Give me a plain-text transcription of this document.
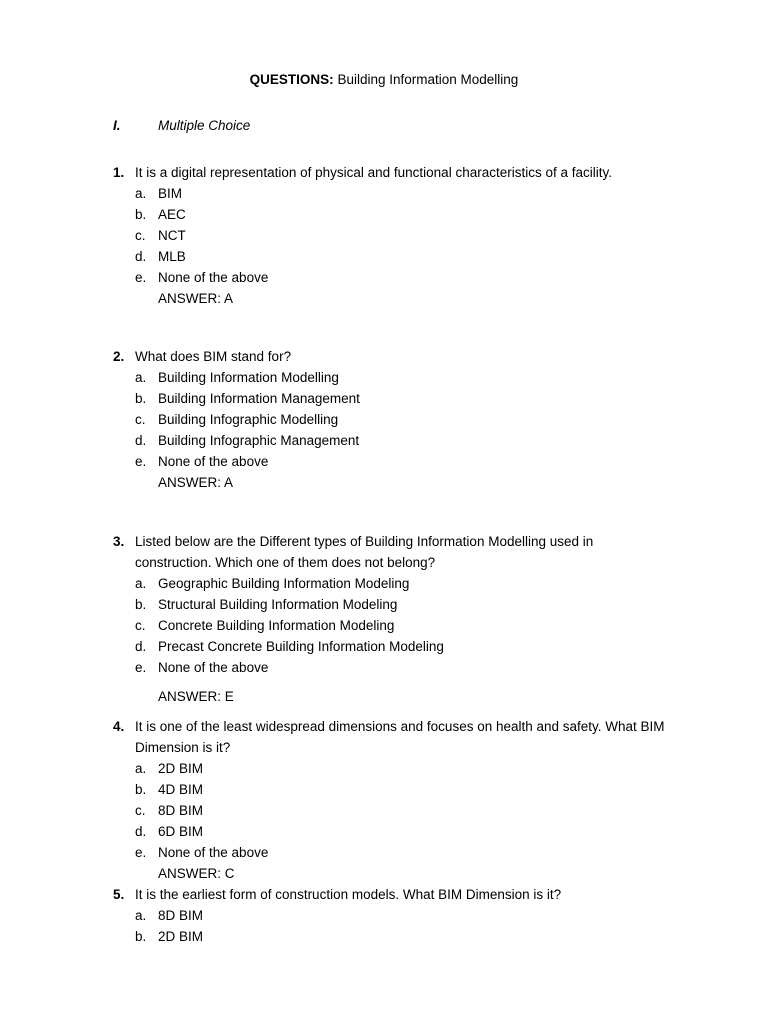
QUESTIONS: Building Information Modelling
I.	Multiple Choice
1. It is a digital representation of physical and functional characteristics of a facility.
a. BIM
b. AEC
c. NCT
d. MLB
e. None of the above
ANSWER: A
2. What does BIM stand for?
a. Building Information Modelling
b. Building Information Management
c. Building Infographic Modelling
d. Building Infographic Management
e. None of the above
ANSWER: A
3. Listed below are the Different types of Building Information Modelling used in construction. Which one of them does not belong?
a. Geographic Building Information Modeling
b. Structural Building Information Modeling
c. Concrete Building Information Modeling
d. Precast Concrete Building Information Modeling
e. None of the above
ANSWER: E
4. It is one of the least widespread dimensions and focuses on health and safety. What BIM Dimension is it?
a. 2D BIM
b. 4D BIM
c. 8D BIM
d. 6D BIM
e. None of the above
ANSWER: C
5. It is the earliest form of construction models. What BIM Dimension is it?
a. 8D BIM
b. 2D BIM
